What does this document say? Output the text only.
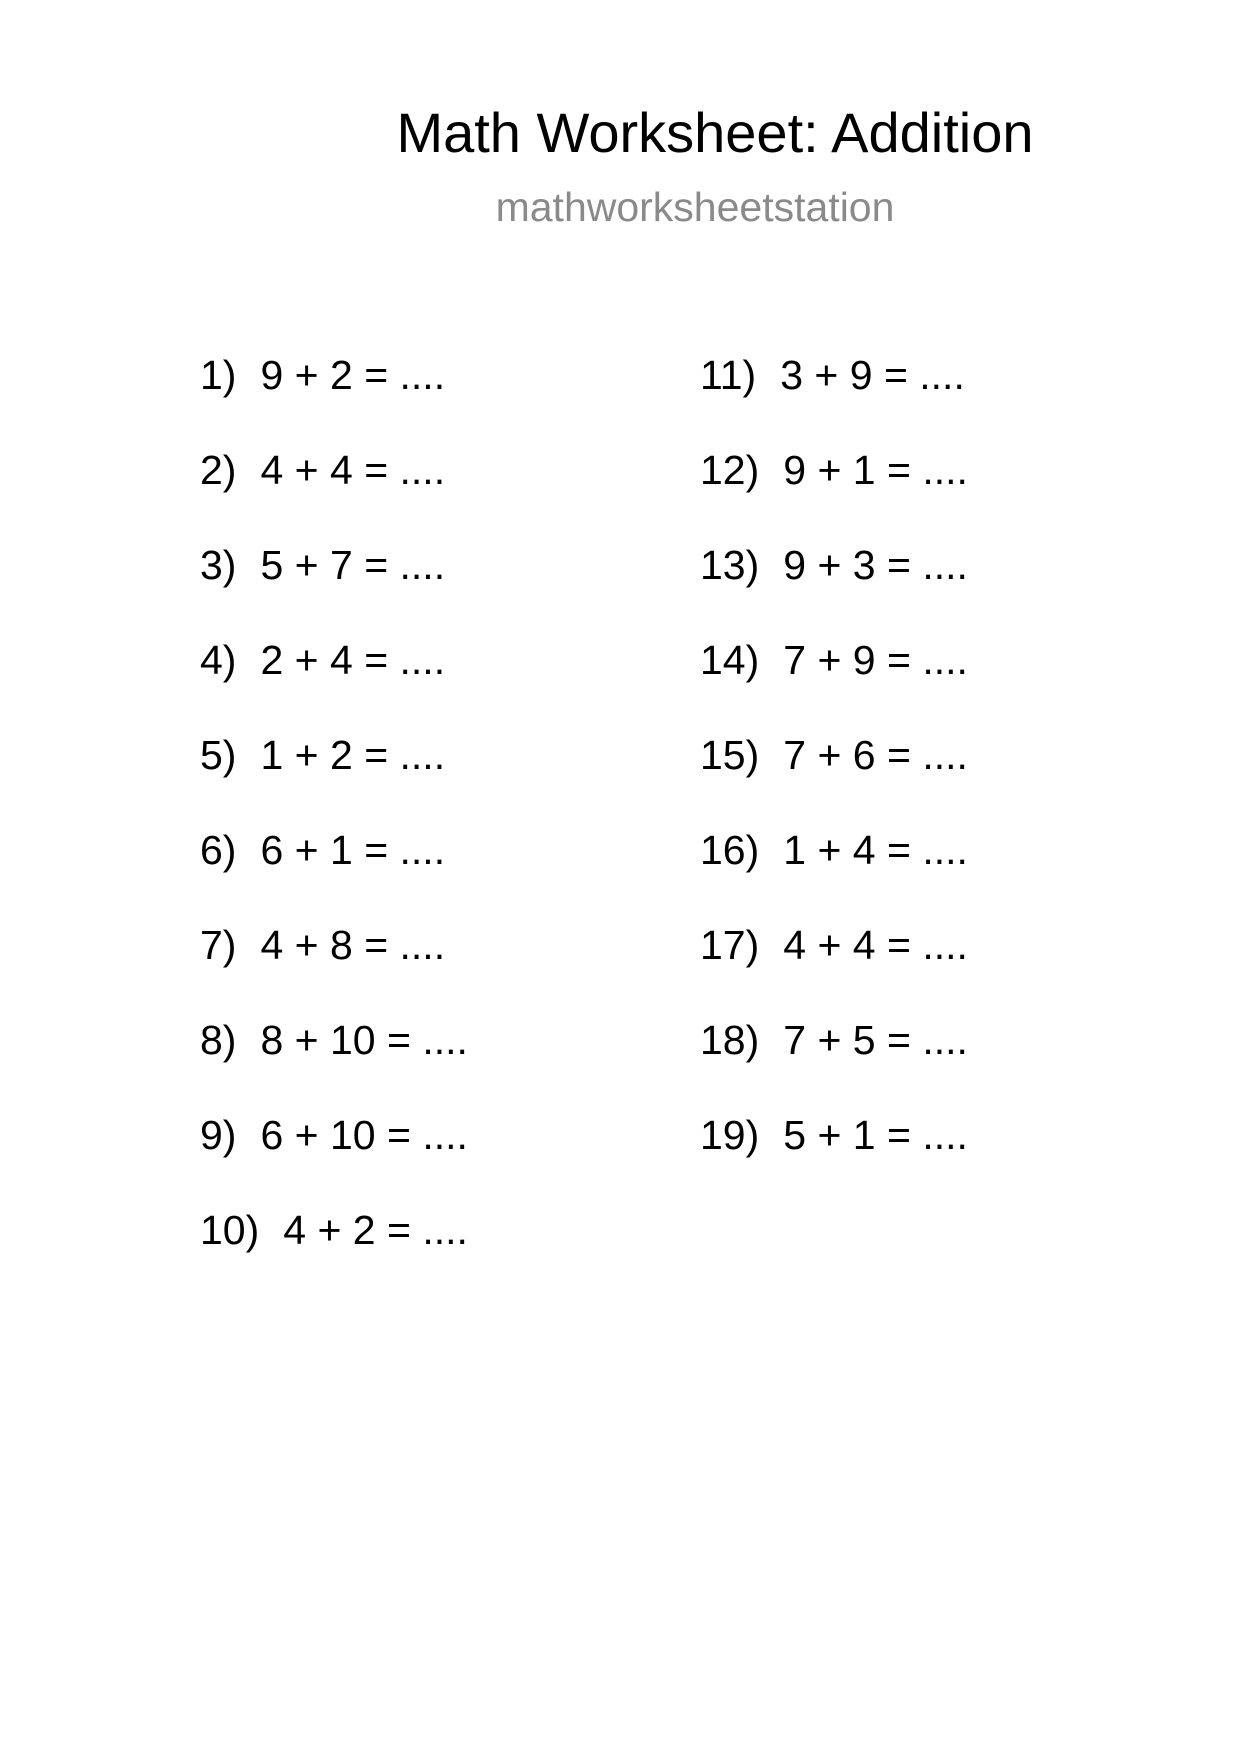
Math Worksheet: Addition
mathworksheetstation
1) 9 + 2 = ....
2) 4 + 4 = ....
3) 5 + 7 = ....
4) 2 + 4 = ....
5) 1 + 2 = ....
6) 6 + 1 = ....
7) 4 + 8 = ....
8) 8 + 10 = ....
9) 6 + 10 = ....
10) 4 + 2 = ....
11) 3 + 9 = ....
12) 9 + 1 = ....
13) 9 + 3 = ....
14) 7 + 9 = ....
15) 7 + 6 = ....
16) 1 + 4 = ....
17) 4 + 4 = ....
18) 7 + 5 = ....
19) 5 + 1 = ....
